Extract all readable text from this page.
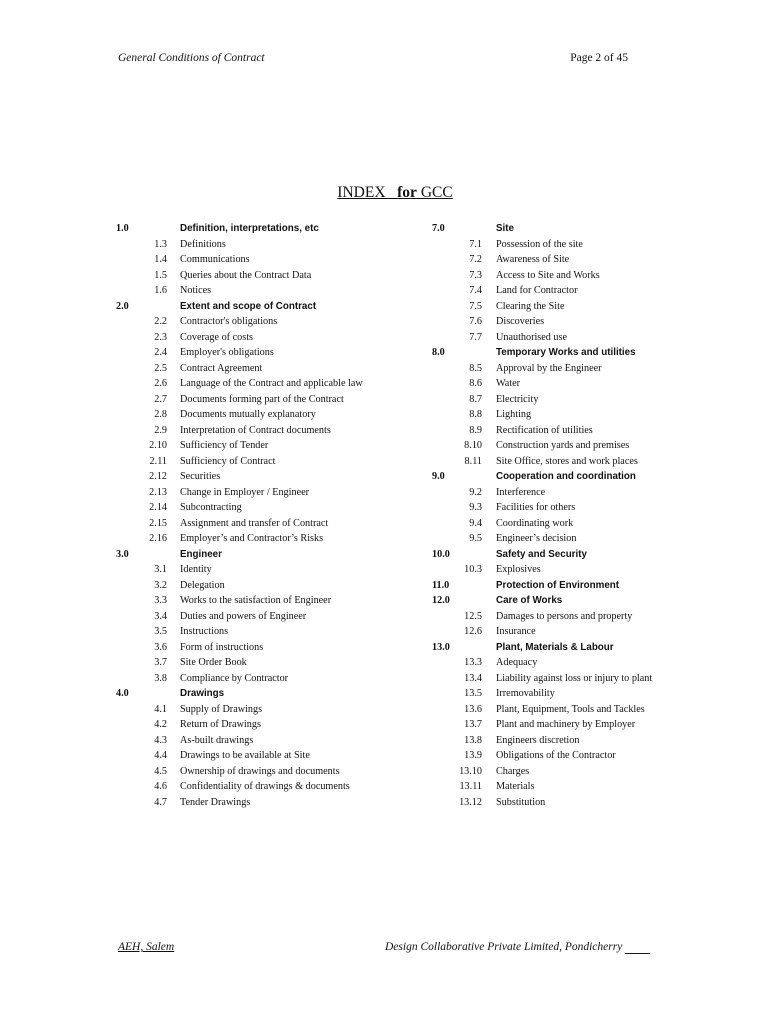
General Conditions of Contract	Page 2 of 45
INDEX for GCC
1.0	Definition, interpretations, etc
1.3 Definitions
1.4 Communications
1.5 Queries about the Contract Data
1.6 Notices
2.0	Extent and scope of Contract
2.2 Contractor's obligations
2.3 Coverage of costs
2.4 Employer's obligations
2.5 Contract Agreement
2.6 Language of the Contract and applicable law
2.7 Documents forming part of the Contract
2.8 Documents mutually explanatory
2.9 Interpretation of Contract documents
2.10 Sufficiency of Tender
2.11 Sufficiency of Contract
2.12 Securities
2.13 Change in Employer / Engineer
2.14 Subcontracting
2.15 Assignment and transfer of Contract
2.16 Employer’s and Contractor’s Risks
3.0	Engineer
3.1 Identity
3.2 Delegation
3.3 Works to the satisfaction of Engineer
3.4 Duties and powers of Engineer
3.5 Instructions
3.6 Form of instructions
3.7 Site Order Book
3.8 Compliance by Contractor
4.0	Drawings
4.1 Supply of Drawings
4.2 Return of Drawings
4.3 As-built drawings
4.4 Drawings to be available at Site
4.5 Ownership of drawings and documents
4.6 Confidentiality of drawings & documents
4.7 Tender Drawings
7.0	Site
7.1 Possession of the site
7.2 Awareness of Site
7.3 Access to Site and Works
7.4 Land for Contractor
7.5 Clearing the Site
7.6 Discoveries
7.7 Unauthorised use
8.0	Temporary Works and utilities
8.5 Approval by the Engineer
8.6 Water
8.7 Electricity
8.8 Lighting
8.9 Rectification of utilities
8.10 Construction yards and premises
8.11 Site Office, stores and work places
9.0	Cooperation and coordination
9.2 Interference
9.3 Facilities for others
9.4 Coordinating work
9.5 Engineer’s decision
10.0	Safety and Security
10.3 Explosives
11.0	Protection of Environment
12.0	Care of Works
12.5 Damages to persons and property
12.6 Insurance
13.0	Plant, Materials & Labour
13.3 Adequacy
13.4 Liability against loss or injury to plant
13.5 Irremovability
13.6 Plant, Equipment, Tools and Tackles
13.7 Plant and machinery by Employer
13.8 Engineers discretion
13.9 Obligations of the Contractor
13.10 Charges
13.11 Materials
13.12 Substitution
AEH, Salem	Design Collaborative Private Limited, Pondicherry
